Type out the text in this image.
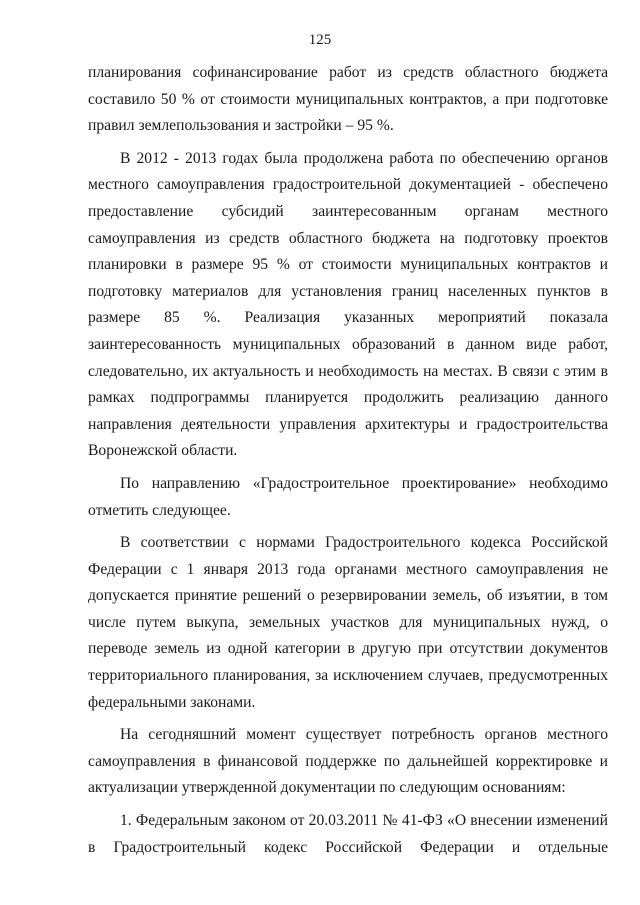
125

планирования софинансирование работ из средств областного бюджета составило 50 % от стоимости муниципальных контрактов, а при подготовке правил землепользования и застройки – 95 %.

В 2012 - 2013 годах была продолжена работа по обеспечению органов местного самоуправления градостроительной документацией - обеспечено предоставление субсидий заинтересованным органам местного самоуправления из средств областного бюджета на подготовку проектов планировки в размере 95 % от стоимости муниципальных контрактов и подготовку материалов для установления границ населенных пунктов в размере 85 %. Реализация указанных мероприятий показала заинтересованность муниципальных образований в данном виде работ, следовательно, их актуальность и необходимость на местах. В связи с этим в рамках подпрограммы планируется продолжить реализацию данного направления деятельности управления архитектуры и градостроительства Воронежской области.

По направлению «Градостроительное проектирование» необходимо отметить следующее.

В соответствии с нормами Градостроительного кодекса Российской Федерации с 1 января 2013 года органами местного самоуправления не допускается принятие решений о резервировании земель, об изъятии, в том числе путем выкупа, земельных участков для муниципальных нужд, о переводе земель из одной категории в другую при отсутствии документов территориального планирования, за исключением случаев, предусмотренных федеральными законами.

На сегодняшний момент существует потребность органов местного самоуправления в финансовой поддержке по дальнейшей корректировке и актуализации утвержденной документации по следующим основаниям:

1. Федеральным законом от 20.03.2011 № 41-ФЗ «О внесении изменений в Градостроительный кодекс Российской Федерации и отдельные
